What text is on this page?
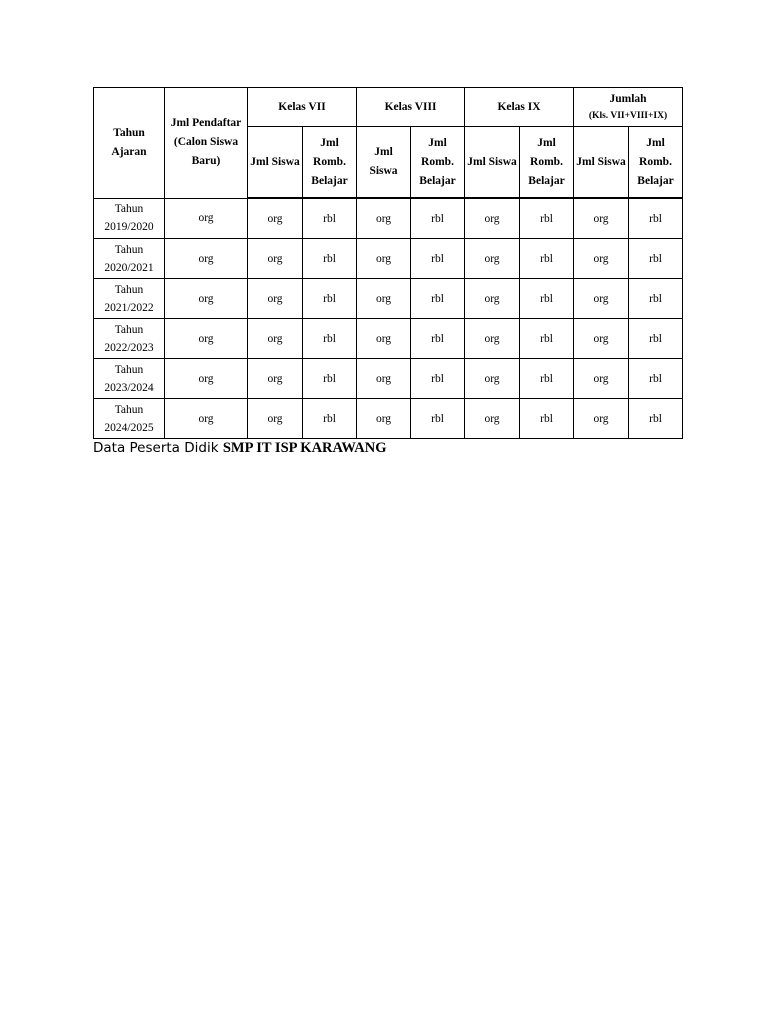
Tahun Ajaran	Jml Pendaftar (Calon Siswa Baru)	Kelas VII		Kelas VIII		Kelas IX		Jumlah
(Kls. VII+VIII+IX)	

		Jml Siswa	Jml Romb. Belajar	Jml Siswa	Jml Romb. Belajar	Jml Siswa	Jml Romb. Belajar	Jml Siswa	Jml Romb. Belajar

Tahun
2019/2020	org	org	rbl	org	rbl	org	rbl	org	rbl

Tahun
2020/2021	org	org	rbl	org	rbl	org	rbl	org	rbl

Tahun
2021/2022	org	org	rbl	org	rbl	org	rbl	org	rbl

Tahun
2022/2023	org	org	rbl	org	rbl	org	rbl	org	rbl

Tahun
2023/2024	org	org	rbl	org	rbl	org	rbl	org	rbl

Tahun
2024/2025	org	org	rbl	org	rbl	org	rbl	org	rbl
Data Peserta Didik SMP IT ISP KARAWANG
